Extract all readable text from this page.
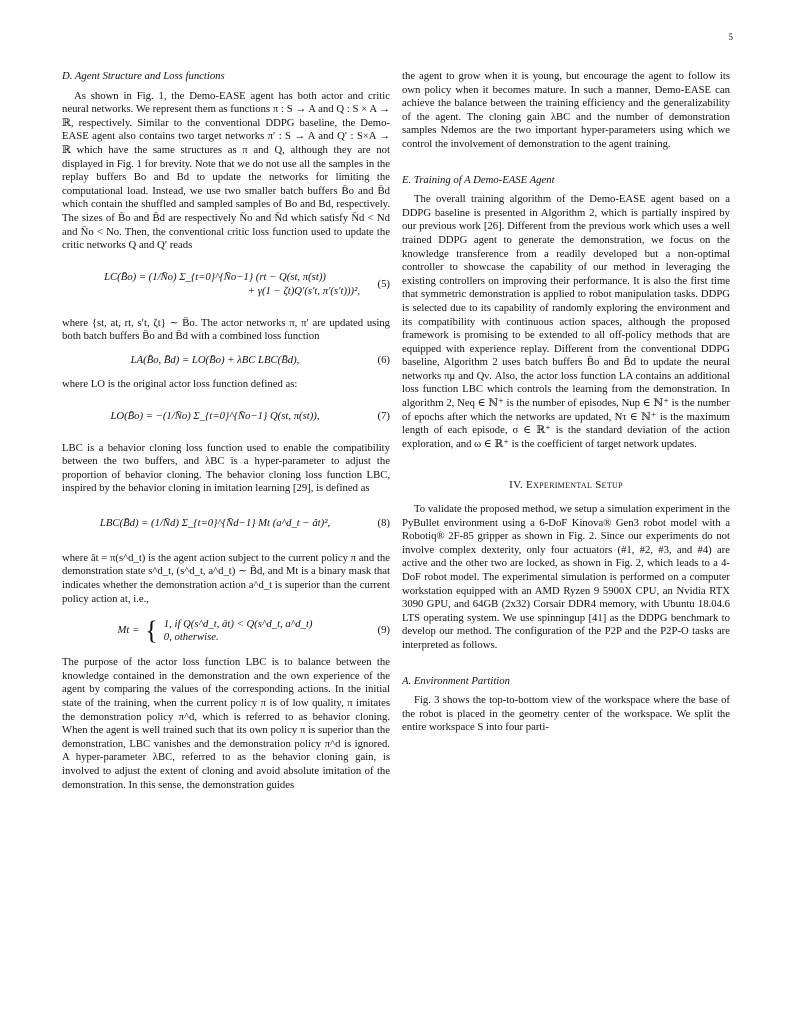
5
D. Agent Structure and Loss functions

As shown in Fig. 1, the Demo-EASE agent has both actor and critic neural networks. We represent them as functions π : S → A and Q : S × A → ℝ, respectively. Similar to the conventional DDPG baseline, the Demo-EASE agent also contains two target networks π′ : S → A and Q′ : S×A → ℝ which have the same structures as π and Q, although they are not displayed in Fig. 1 for brevity. Note that we do not use all the samples in the replay buffers Bo and Bd to update the networks for limiting the computational load. Instead, we use two smaller batch buffers B̄o and B̄d which contain the shuffled and sampled samples of Bo and Bd, respectively. The sizes of B̄o and B̄d are respectively N̄o and N̄d which satisfy N̄d < Nd and N̄o < No. Then, the conventional critic loss function used to update the critic networks Q and Q′ reads

LC(B̄o) = (1/N̄o) Σ_{t=0}^{N̄o−1} (rt − Q(st, π(st))
+ γ(1 − ζt)Q′(s′t, π′(s′t)))²,
(5)

where {st, at, rt, s′t, ζt} ∼ B̄o. The actor networks π, π′ are updated using both batch buffers B̄o and B̄d with a combined loss function

LA(B̄o, B̄d) = LO(B̄o) + λBC LBC(B̄d),	(6)

where LO is the original actor loss function defined as:

LO(B̄o) = −(1/N̄o) Σ_{t=0}^{N̄o−1} Q(st, π(st)),	(7)

LBC is a behavior cloning loss function used to enable the compatibility between the two buffers, and λBC is a hyper-parameter to adjust the proportion of behavior cloning. The behavior cloning loss function LBC, inspired by the behavior cloning in imitation learning [29], is defined as

LBC(B̄d) = (1/N̄d) Σ_{t=0}^{N̄d−1} Mt (a^d_t − ât)²,	(8)

where ât = π(s^d_t) is the agent action subject to the current policy π and the demonstration state s^d_t, (s^d_t, a^d_t) ∼ B̄d, and Mt is a binary mask that indicates whether the demonstration action a^d_t is superior than the current policy action at, i.e.,

Mt = { 1, if Q(s^d_t, ât) < Q(s^d_t, a^d_t)
0, otherwise.
(9)

The purpose of the actor loss function LBC is to balance between the knowledge contained in the demonstration and the own experience of the agent by comparing the values of the corresponding actions. In the initial state of the training, when the current policy π is of low quality, π imitates the demonstration policy π^d, which is referred to as behavior cloning. When the agent is well trained such that its own policy π is superior than the demonstration, LBC vanishes and the demonstration policy π^d is ignored. A hyper-parameter λBC, referred to as the behavior cloning gain, is involved to adjust the extent of cloning and avoid absolute imitation of the demonstration. In this sense, the demonstration guides

the agent to grow when it is young, but encourage the agent to follow its own policy when it becomes mature. In such a manner, Demo-EASE can achieve the balance between the training efficiency and the generalizability of the agent. The cloning gain λBC and the number of demonstration samples Ndemos are the two important hyper-parameters using which we control the involvement of demonstration to the agent training.

E. Training of A Demo-EASE Agent

The overall training algorithm of the Demo-EASE agent based on a DDPG baseline is presented in Algorithm 2, which is partially inspired by our previous work [26]. Different from the previous work which uses a well trained DDPG agent to generate the demonstration, we focus on the knowledge transference from a readily developed but a non-optimal controller to showcase the capability of our method in leveraging the existing controllers on improving their performance. It is also the first time that symmetric demonstration is applied to robot manipulation tasks. DDPG is selected due to its capability of randomly exploring the environment and its compatibility with continuous action spaces, although the proposed framework is promising to be extended to all off-policy methods that are equipped with experience replay. Different from the conventional DDPG baseline, Algorithm 2 uses batch buffers B̄o and B̄d to update the neural networks πμ and Qν. Also, the actor loss function LA contains an additional loss function LBC which controls the learning from the demonstration. In algorithm 2, Neq ∈ ℕ⁺ is the number of episodes, Nup ∈ ℕ⁺ is the number of epochs after which the networks are updated, Nτ ∈ ℕ⁺ is the maximum length of each episode, σ ∈ ℝ⁺ is the standard deviation of the action exploration, and ω ∈ ℝ⁺ is the coefficient of target network updates.

IV. Experimental Setup

To validate the proposed method, we setup a simulation experiment in the PyBullet environment using a 6-DoF Kinova® Gen3 robot model with a Robotiq® 2F-85 gripper as shown in Fig. 2. Since our experiments do not involve complex dexterity, only four actuators (#1, #2, #3, and #4) are active and the other two are locked, as shown in Fig. 2, which leads to a 4-DoF robot model. The experimental simulation is performed on a computer workstation equipped with an AMD Ryzen 9 5900X CPU, an Nvidia RTX 3090 GPU, and 64GB (2x32) Corsair DDR4 memory, with Ubuntu 18.04.6 LTS operating system. We use spinningup [41] as the DDPG benchmark to develop our method. The configuration of the P2P and the P2P-O tasks are interpreted as follows.

A. Environment Partition

Fig. 3 shows the top-to-bottom view of the workspace where the base of the robot is placed in the geometry center of the workspace. We split the entire workspace S into four parti-
